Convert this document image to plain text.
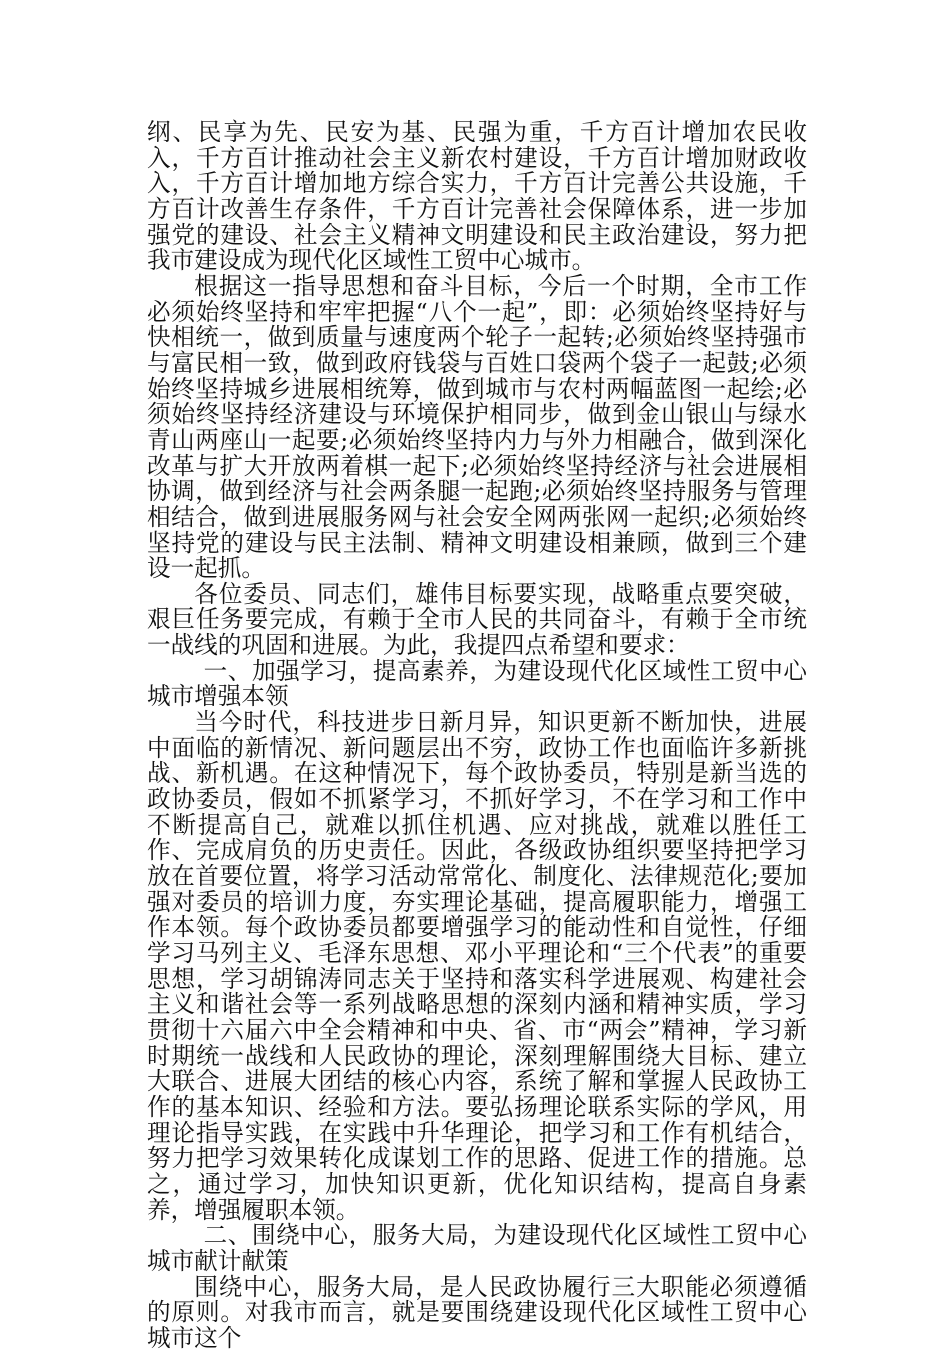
纲、民享为先、民安为基、民强为重，千方百计增加农民收入，千方百计推动社会主义新农村建设，千方百计增加财政收入，千方百计增加地方综合实力，千方百计完善公共设施，千方百计改善生存条件，千方百计完善社会保障体系，进一步加强党的建设、社会主义精神文明建设和民主政治建设，努力把我市建设成为现代化区域性工贸中心城市。

根据这一指导思想和奋斗目标，今后一个时期，全市工作必须始终坚持和牢牢把握“八个一起”，即：必须始终坚持好与快相统一，做到质量与速度两个轮子一起转;必须始终坚持强市与富民相一致，做到政府钱袋与百姓口袋两个袋子一起鼓;必须始终坚持城乡进展相统筹，做到城市与农村两幅蓝图一起绘;必须始终坚持经济建设与环境保护相同步，做到金山银山与绿水青山两座山一起要;必须始终坚持内力与外力相融合，做到深化改革与扩大开放两着棋一起下;必须始终坚持经济与社会进展相协调，做到经济与社会两条腿一起跑;必须始终坚持服务与管理相结合，做到进展服务网与社会安全网两张网一起织;必须始终坚持党的建设与民主法制、精神文明建设相兼顾，做到三个建设一起抓。

各位委员、同志们，雄伟目标要实现，战略重点要突破，艰巨任务要完成，有赖于全市人民的共同奋斗，有赖于全市统一战线的巩固和进展。为此，我提四点希望和要求：

一、加强学习，提高素养，为建设现代化区域性工贸中心城市增强本领

当今时代，科技进步日新月异，知识更新不断加快，进展中面临的新情况、新问题层出不穷，政协工作也面临许多新挑战、新机遇。在这种情况下，每个政协委员，特别是新当选的政协委员，假如不抓紧学习，不抓好学习，不在学习和工作中不断提高自己，就难以抓住机遇、应对挑战，就难以胜任工作、完成肩负的历史责任。因此，各级政协组织要坚持把学习放在首要位置，将学习活动常常化、制度化、法律规范化;要加强对委员的培训力度，夯实理论基础，提高履职能力，增强工作本领。每个政协委员都要增强学习的能动性和自觉性，仔细学习马列主义、毛泽东思想、邓小平理论和“三个代表”的重要思想，学习胡锦涛同志关于坚持和落实科学进展观、构建社会主义和谐社会等一系列战略思想的深刻内涵和精神实质，学习贯彻十六届六中全会精神和中央、省、市“两会”精神，学习新时期统一战线和人民政协的理论，深刻理解围绕大目标、建立大联合、进展大团结的核心内容，系统了解和掌握人民政协工作的基本知识、经验和方法。要弘扬理论联系实际的学风，用理论指导实践，在实践中升华理论，把学习和工作有机结合，努力把学习效果转化成谋划工作的思路、促进工作的措施。总之，通过学习，加快知识更新，优化知识结构，提高自身素养，增强履职本领。

二、围绕中心，服务大局，为建设现代化区域性工贸中心城市献计献策

围绕中心，服务大局，是人民政协履行三大职能必须遵循的原则。对我市而言，就是要围绕建设现代化区域性工贸中心城市这个
